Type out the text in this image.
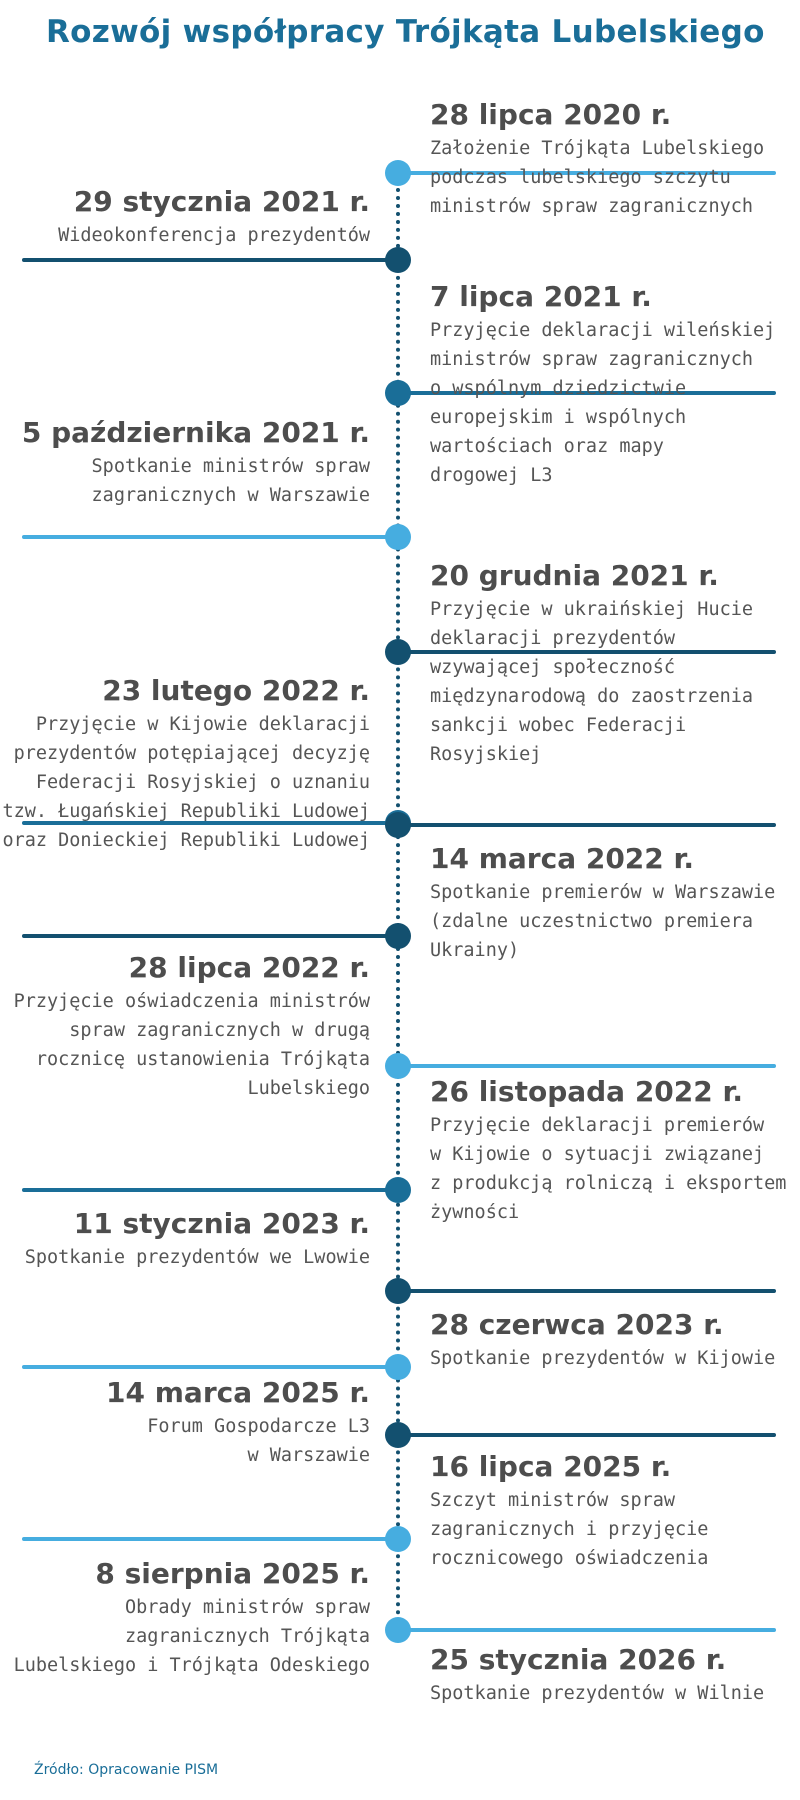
Rozwój współpracy Trójkąta Lubelskiego
28 lipca 2020 r.
Założenie Trójkąta Lubelskiego
podczas lubelskiego szczytu
ministrów spraw zagranicznych
29 stycznia 2021 r.
Wideokonferencja prezydentów
7 lipca 2021 r.
Przyjęcie deklaracji wileńskiej
ministrów spraw zagranicznych
o wspólnym dziedzictwie
europejskim i wspólnych
wartościach oraz mapy
drogowej L3
5 października 2021 r.
Spotkanie ministrów spraw
zagranicznych w Warszawie
20 grudnia 2021 r.
Przyjęcie w ukraińskiej Hucie
deklaracji prezydentów
wzywającej społeczność
międzynarodową do zaostrzenia
sankcji wobec Federacji
Rosyjskiej
23 lutego 2022 r.
Przyjęcie w Kijowie deklaracji
prezydentów potępiającej decyzję
Federacji Rosyjskiej o uznaniu
tzw. Ługańskiej Republiki Ludowej
oraz Donieckiej Republiki Ludowej
14 marca 2022 r.
Spotkanie premierów w Warszawie
(zdalne uczestnictwo premiera
Ukrainy)
28 lipca 2022 r.
Przyjęcie oświadczenia ministrów
spraw zagranicznych w drugą
rocznicę ustanowienia Trójkąta
Lubelskiego 26 listopada 2022 r.
Przyjęcie deklaracji premierów
w Kijowie o sytuacji związanej
z produkcją rolniczą i eksportem
żywności
11 stycznia 2023 r.
Spotkanie prezydentów we Lwowie
28 czerwca 2023 r.
Spotkanie prezydentów w Kijowie
14 marca 2025 r.
Forum Gospodarcze L3
w Warszawie 16 lipca 2025 r.
Szczyt ministrów spraw
zagranicznych i przyjęcie
rocznicowego oświadczenia
8 sierpnia 2025 r.
Obrady ministrów spraw
zagranicznych Trójkąta
Lubelskiego i Trójkąta Odeskiego 25 stycznia 2026 r.
Spotkanie prezydentów w Wilnie

Źródło: Opracowanie PISM
